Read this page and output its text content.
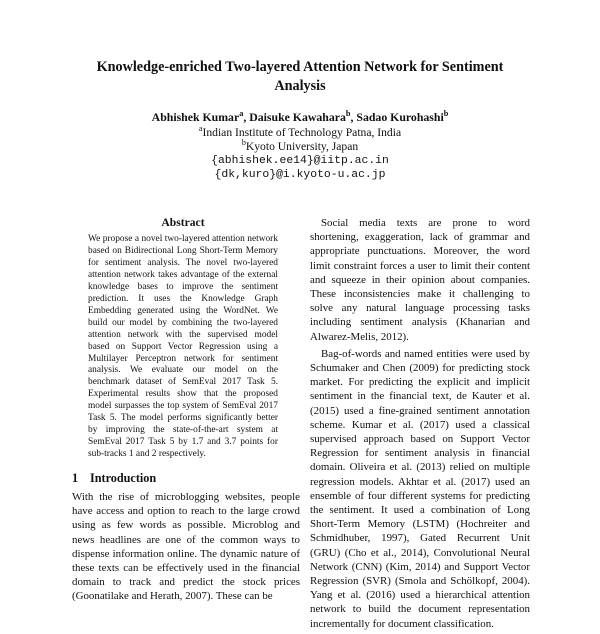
Knowledge-enriched Two-layered Attention Network for Sentiment Analysis
Abhishek Kumar$^a$, Daisuke Kawahara$^b$, Sadao Kurohashi$^b$
$^a$Indian Institute of Technology Patna, India
$^b$Kyoto University, Japan
{abhishek.ee14}@iitp.ac.in
{dk,kuro}@i.kyoto-u.ac.jp
Abstract
We propose a novel two-layered attention network based on Bidirectional Long Short-Term Memory for sentiment analysis. The novel two-layered attention network takes advantage of the external knowledge bases to improve the sentiment prediction. It uses the Knowledge Graph Embedding generated using the WordNet. We build our model by combining the two-layered attention network with the supervised model based on Support Vector Regression using a Multilayer Perceptron network for sentiment analysis. We evaluate our model on the benchmark dataset of SemEval 2017 Task 5. Experimental results show that the proposed model surpasses the top system of SemEval 2017 Task 5. The model performs significantly better by improving the state-of-the-art system at SemEval 2017 Task 5 by 1.7 and 3.7 points for sub-tracks 1 and 2 respectively.
1 Introduction
With the rise of microblogging websites, people have access and option to reach to the large crowd using as few words as possible. Microblog and news headlines are one of the common ways to dispense information online. The dynamic nature of these texts can be effectively used in the financial domain to track and predict the stock prices (Goonatilake and Herath, 2007). These can be

Social media texts are prone to word shortening, exaggeration, lack of grammar and appropriate punctuations. Moreover, the word limit constraint forces a user to limit their content and squeeze in their opinion about companies. These inconsistencies make it challenging to solve any natural language processing tasks including sentiment analysis (Khanarian and Alwarez-Melis, 2012).

Bag-of-words and named entities were used by Schumaker and Chen (2009) for predicting stock market. For predicting the explicit and implicit sentiment in the financial text, de Kauter et al. (2015) used a fine-grained sentiment annotation scheme. Kumar et al. (2017) used a classical supervised approach based on Support Vector Regression for sentiment analysis in financial domain. Oliveira et al. (2013) relied on multiple regression models. Akhtar et al. (2017) used an ensemble of four different systems for predicting the sentiment. It used a combination of Long Short-Term Memory (LSTM) (Hochreiter and Schmidhuber, 1997), Gated Recurrent Unit (GRU) (Cho et al., 2014), Convolutional Neural Network (CNN) (Kim, 2014) and Support Vector Regression (SVR) (Smola and Schölkopf, 2004). Yang et al. (2016) used a hierarchical attention network to build the document representation incrementally for document classification.
